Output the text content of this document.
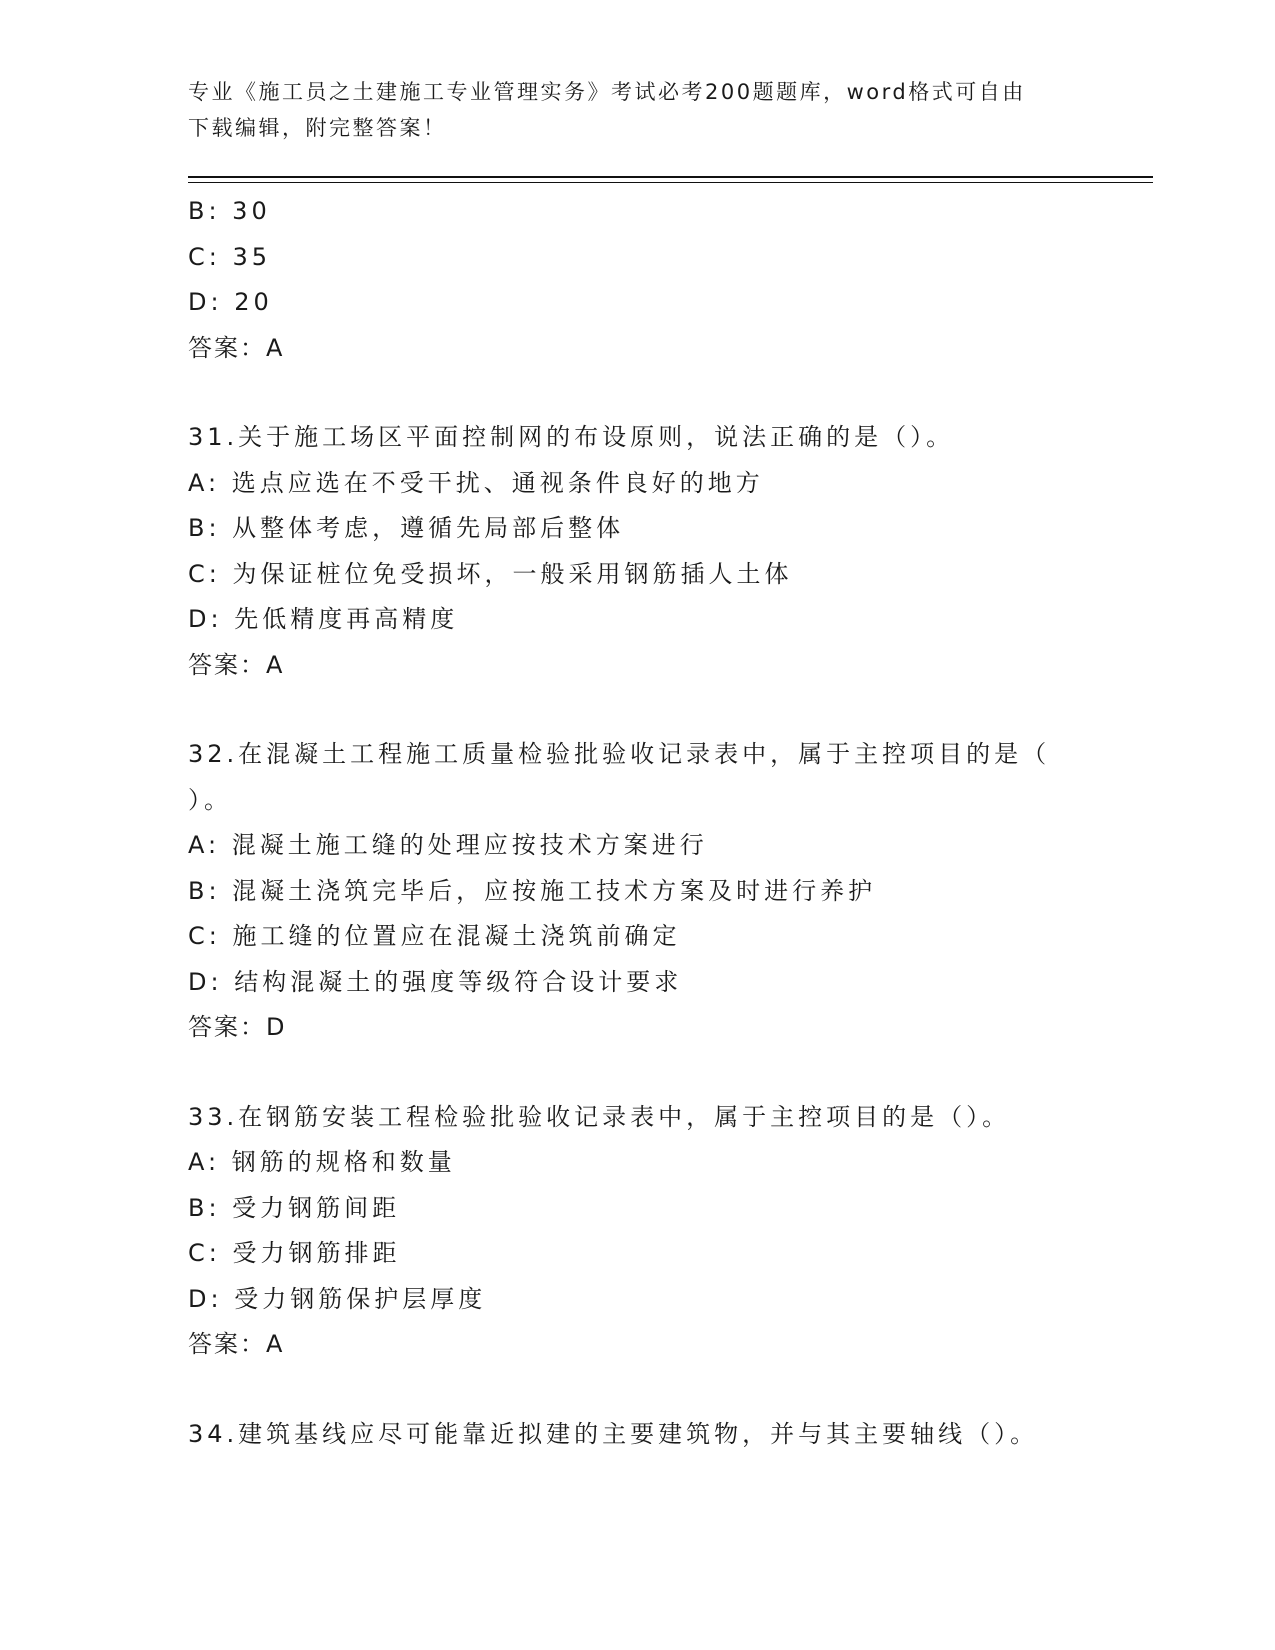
专业《施工员之土建施工专业管理实务》考试必考200题题库，word格式可自由
下载编辑，附完整答案！
B: 30
C: 35
D: 20
答案：A
31.关于施工场区平面控制网的布设原则，说法正确的是（）。
A: 选点应选在不受干扰、通视条件良好的地方
B: 从整体考虑，遵循先局部后整体
C: 为保证桩位免受损坏，一般采用钢筋插人土体
D: 先低精度再高精度
答案：A
32.在混凝土工程施工质量检验批验收记录表中，属于主控项目的是（
）。
A: 混凝土施工缝的处理应按技术方案进行
B: 混凝土浇筑完毕后，应按施工技术方案及时进行养护
C: 施工缝的位置应在混凝土浇筑前确定
D: 结构混凝土的强度等级符合设计要求
答案：D
33.在钢筋安装工程检验批验收记录表中，属于主控项目的是（）。
A: 钢筋的规格和数量
B: 受力钢筋间距
C: 受力钢筋排距
D: 受力钢筋保护层厚度
答案：A
34.建筑基线应尽可能靠近拟建的主要建筑物，并与其主要轴线（）。
